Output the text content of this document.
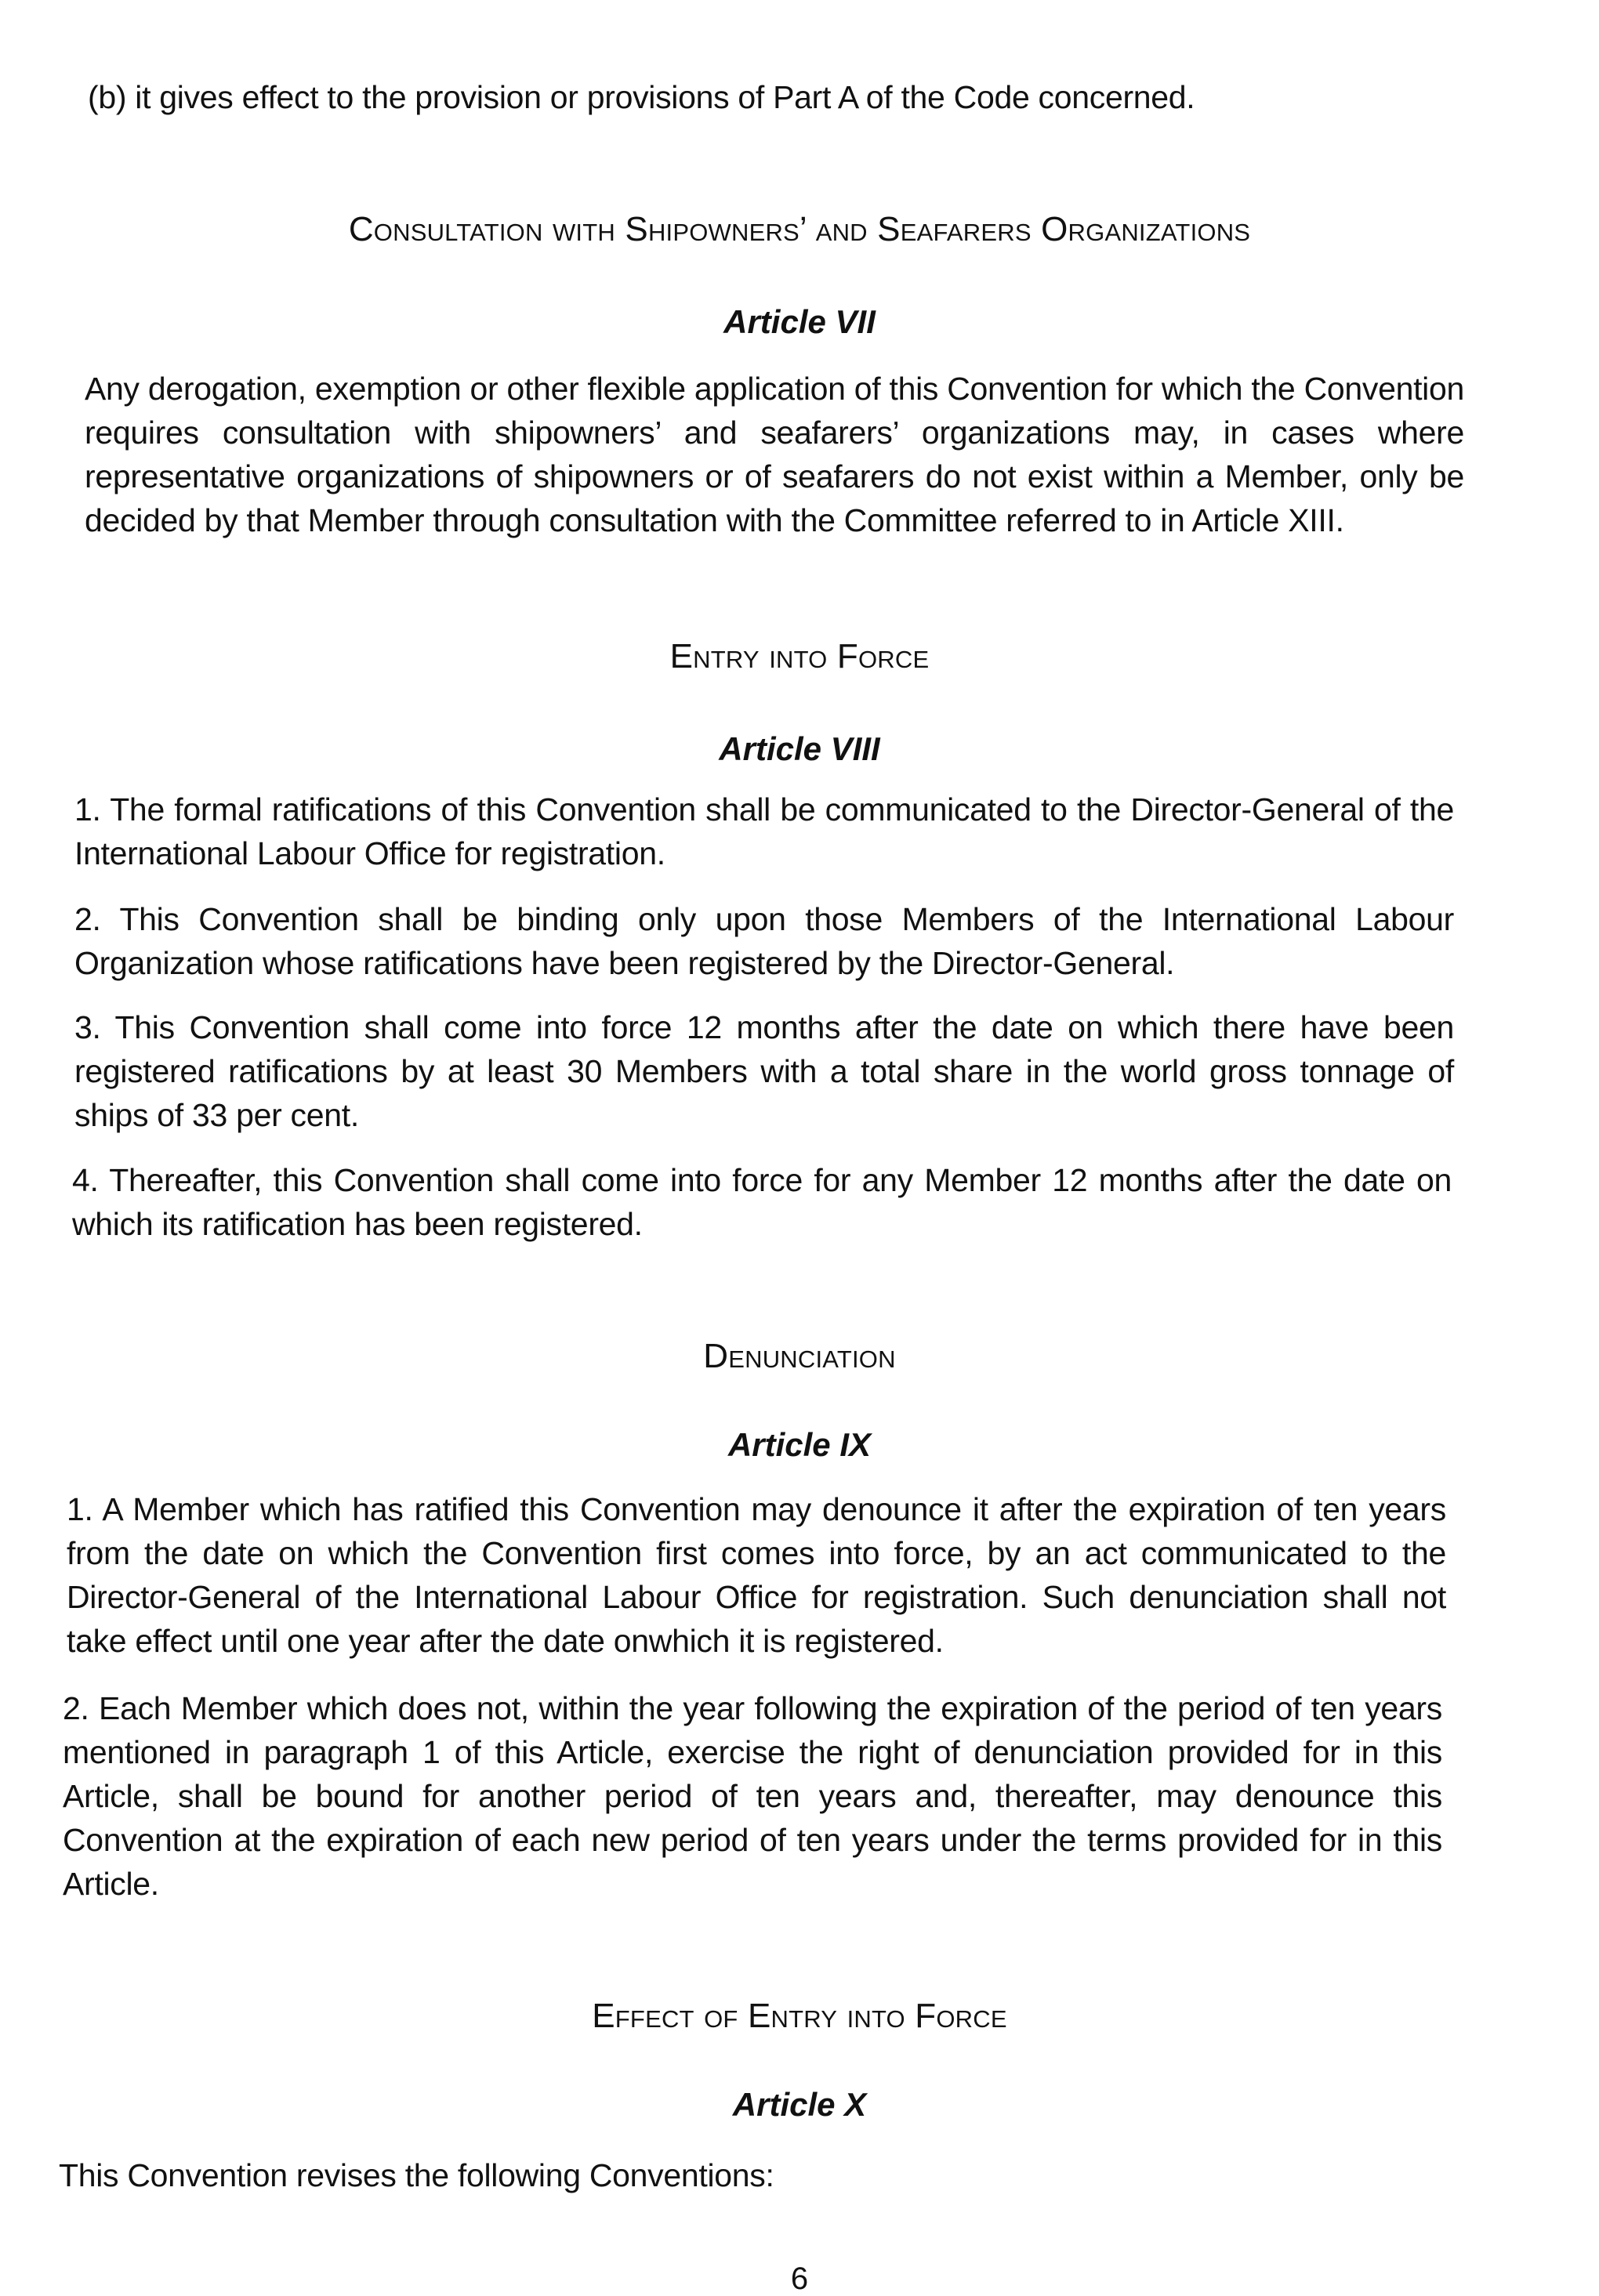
(b) it gives effect to the provision or provisions of Part A of the Code concerned.
Consultation with Shipowners’ and Seafarers Organizations
Article VII
Any derogation, exemption or other flexible application of this Convention for which the Convention requires consultation with shipowners’ and seafarers’ organizations may, in cases where representative organizations of shipowners or of seafarers do not exist within a Member, only be decided by that Member through consultation with the Committee referred to in Article XIII.
Entry into Force
Article VIII
1. The formal ratifications of this Convention shall be communicated to the Director-General of the International Labour Office for registration.
2. This Convention shall be binding only upon those Members of the International Labour Organization whose ratifications have been registered by the Director-General.
3. This Convention shall come into force 12 months after the date on which there have been registered ratifications by at least 30 Members with a total share in the world gross tonnage of ships of 33 per cent.
4. Thereafter, this Convention shall come into force for any Member 12 months after the date on which its ratification has been registered.
Denunciation
Article IX
1. A Member which has ratified this Convention may denounce it after the expiration of ten years from the date on which the Convention first comes into force, by an act communicated to the Director-General of the International Labour Office for registration. Such denunciation shall not take effect until one year after the date onwhich it is registered.
2. Each Member which does not, within the year following the expiration of the period of ten years mentioned in paragraph 1 of this Article, exercise the right of denunciation provided for in this Article, shall be bound for another period of ten years and, thereafter, may denounce this Convention at the expiration of each new period of ten years under the terms provided for in this Article.
Effect of Entry into Force
Article X
This Convention revises the following Conventions:
6
